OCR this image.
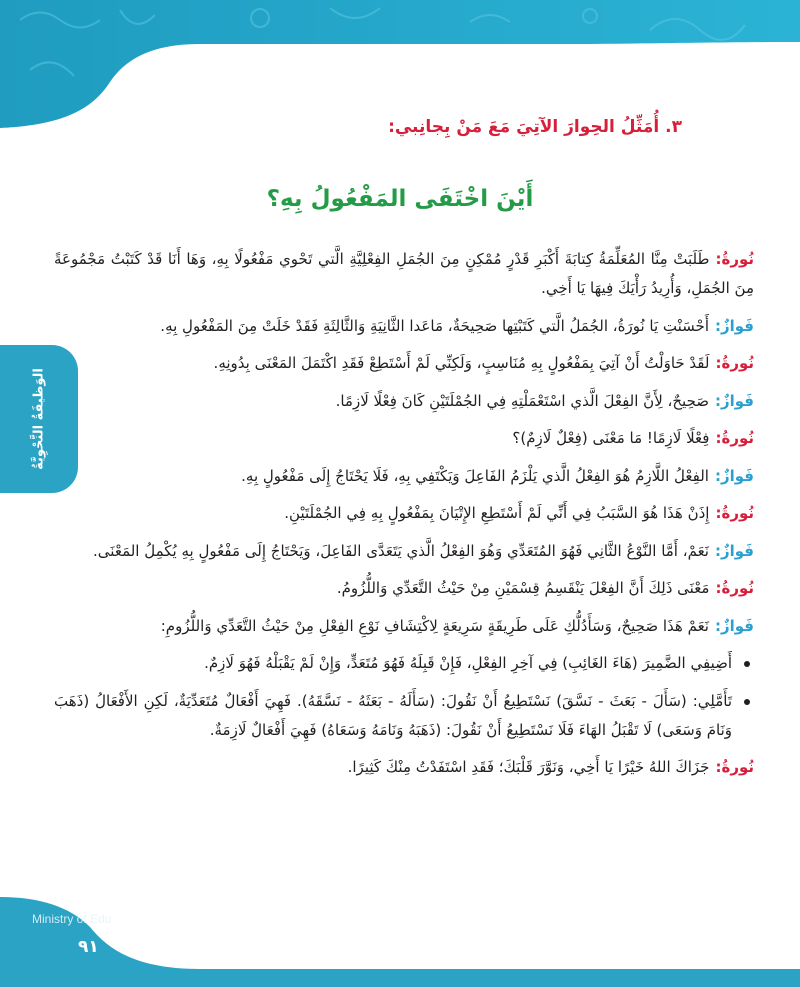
الوَظيفَةُ النَّحْوِيَّةُ
٣. أُمَثِّلُ الحِوارَ الآتِيَ مَعَ مَنْ بِجانِبي:
أَيْنَ اخْتَفَى المَفْعُولُ بِهِ؟
نُورةُ:طَلَبَتْ مِنَّا المُعَلِّمَةُ كِتابَةَ أَكْبَرِ قَدْرٍ مُمْكِنٍ مِنَ الجُمَلِ الفِعْلِيَّةِ الَّتي تَحْوي مَفْعُولًا بِهِ، وَهَا أَنَا قَدْ كَتَبْتُ مَجْمُوعَةً مِنَ الجُمَلِ، وَأُرِيدُ رَأْيَكَ فِيهَا يَا أَخِي.
فَوازٌ:أَحْسَنْتِ يَا نُورَةُ، الجُمَلُ الَّتي كَتَبْتِها صَحِيحَةٌ، مَاعَدا الثَّانِيَةِ وَالثَّالِثَةِ فَقَدْ خَلَتْ مِنَ المَفْعُولِ بِهِ.
نُورةُ:لَقَدْ حَاوَلْتُ أَنْ آتِيَ بِمَفْعُولٍ بِهِ مُنَاسِبٍ، وَلَكِنِّي لَمْ أَسْتَطِعْ فَقَدِ اكْتَمَلَ المَعْنَى بِدُونِهِ.
فَوازٌ:صَحِيحٌ، لِأَنَّ الفِعْلَ الَّذي اسْتَعْمَلْتِهِ فِي الجُمْلَتَيْنِ كَانَ فِعْلًا لَازِمًا.
نُورةُ:فِعْلًا لَازِمًا! مَا مَعْنَى (فِعْلٌ لَازِمٌ)؟
فَوازٌ:الفِعْلُ اللَّازِمُ هُوَ الفِعْلُ الَّذي يَلْزَمُ الفَاعِلَ وَيَكْتَفِي بِهِ، فَلَا يَحْتَاجُ إِلَى مَفْعُولٍ بِهِ.
نُورةُ:إِذَنْ هَذَا هُوَ السَّبَبُ فِي أَنِّي لَمْ أَسْتَطِعِ الإِتْيَانَ بِمَفْعُولٍ بِهِ فِي الجُمْلَتَيْنِ.
فَوازٌ:نَعَمْ، أَمَّا النَّوْعُ الثَّانِي فَهُوَ المُتَعَدِّي وَهُوَ الفِعْلُ الَّذي يَتَعَدَّى الفَاعِلَ، وَيَحْتَاجُ إِلَى مَفْعُولٍ بِهِ يُكْمِلُ المَعْنَى.
نُورةُ:مَعْنَى ذَلِكَ أَنَّ الفِعْلَ يَنْقَسِمُ قِسْمَيْنِ مِنْ حَيْثُ التَّعَدِّي وَاللُّزُومُ.
فَوازٌ:نَعَمْ هَذَا صَحِيحٌ، وَسَأَدُلُّكِ عَلَى طَرِيقَةٍ سَرِيعَةٍ لِاكْتِشَافِ نَوْعِ الفِعْلِ مِنْ حَيْثُ التَّعَدِّي وَاللُّزُومِ:
أَضِيفِي الضَّمِيرَ (هَاءَ الغَائِبِ) فِي آخِرِ الفِعْلِ، فَإِنْ قَبِلَهُ فَهُوَ مُتَعَدٍّ، وَإِنْ لَمْ يَقْبَلْهُ فَهُوَ لَازِمٌ.
تَأَمَّلِي: (سَأَلَ - بَعَثَ - نَسَّقَ) نَسْتَطِيعُ أَنْ نَقُولَ: (سَأَلَهُ - بَعَثَهُ - نَسَّقَهُ). فَهِيَ أَفْعَالٌ مُتَعَدِّيَةٌ، لَكِنِ الأَفْعَالُ (ذَهَبَ وَنَامَ وَسَعَى) لَا تَقْبَلُ الهَاءَ فَلَا نَسْتَطِيعُ أَنْ نَقُولَ: (ذَهَبَهُ وَنَامَهُ وَسَعَاهُ) فَهِيَ أَفْعَالٌ لَازِمَةٌ.
نُورةُ:جَزَاكَ اللهُ خَيْرًا يَا أَخِي، وَنَوَّرَ قَلْبَكَ؛ فَقَدِ اسْتَفَدْتُ مِنْكَ كَثِيرًا.
Ministry of Edu
٩١
